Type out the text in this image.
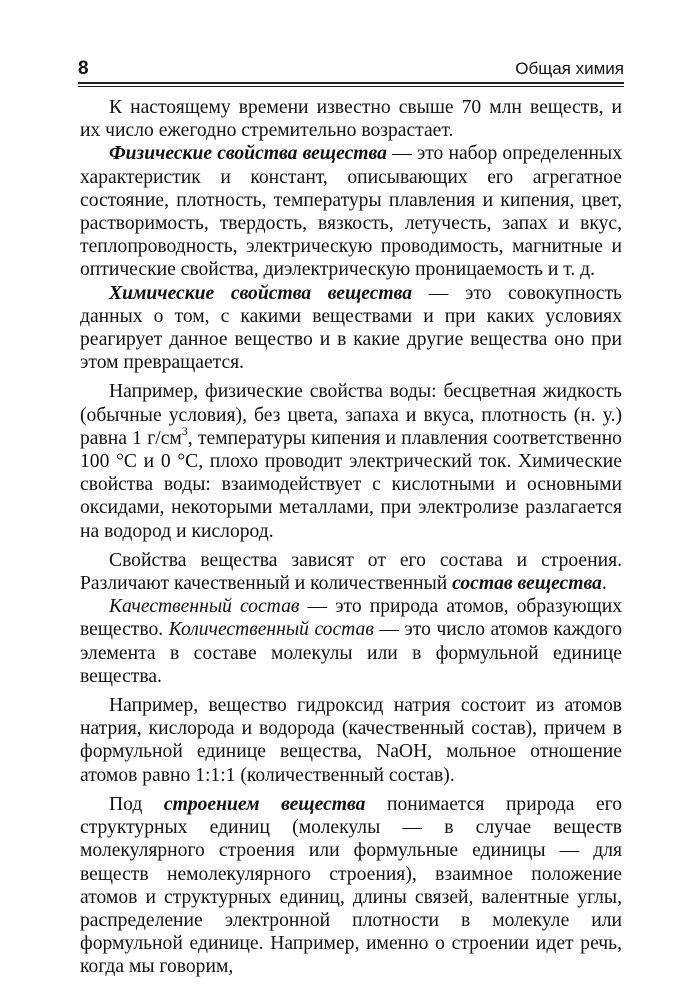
8	Общая химия

К настоящему времени известно свыше 70 млн веществ, и их число ежегодно стремительно возрастает.

Физические свойства вещества — это набор определенных характеристик и констант, описывающих его агрегатное состояние, плотность, температуры плавления и кипения, цвет, растворимость, твердость, вязкость, летучесть, запах и вкус, теплопроводность, электрическую проводимость, магнитные и оптические свойства, диэлектрическую проницаемость и т. д.

Химические свойства вещества — это совокупность данных о том, с какими веществами и при каких условиях реагирует данное вещество и в какие другие вещества оно при этом превращается.

Например, физические свойства воды: бесцветная жидкость (обычные условия), без цвета, запаха и вкуса, плотность (н. у.) равна 1 $г/см^3$, температуры кипения и плавления соответственно 100 °С и 0 °С, плохо проводит электрический ток. Химические свойства воды: взаимодействует с кислотными и основными оксидами, некоторыми металлами, при электролизе разлагается на водород и кислород.

Свойства вещества зависят от его состава и строения. Различают качественный и количественный состав вещества.

Качественный состав — это природа атомов, образующих вещество. Количественный состав — это число атомов каждого элемента в составе молекулы или в формульной единице вещества.

Например, вещество гидроксид натрия состоит из атомов натрия, кислорода и водорода (качественный состав), причем в формульной единице вещества, NaOH, мольное отношение атомов равно 1:1:1 (количественный состав).

Под строением вещества понимается природа его структурных единиц (молекулы — в случае веществ молекулярного строения или формульные единицы — для веществ немолекулярного строения), взаимное положение атомов и структурных единиц, длины связей, валентные углы, распределение электронной плотности в молекуле или формульной единице. Например, именно о строении идет речь, когда мы говорим,
